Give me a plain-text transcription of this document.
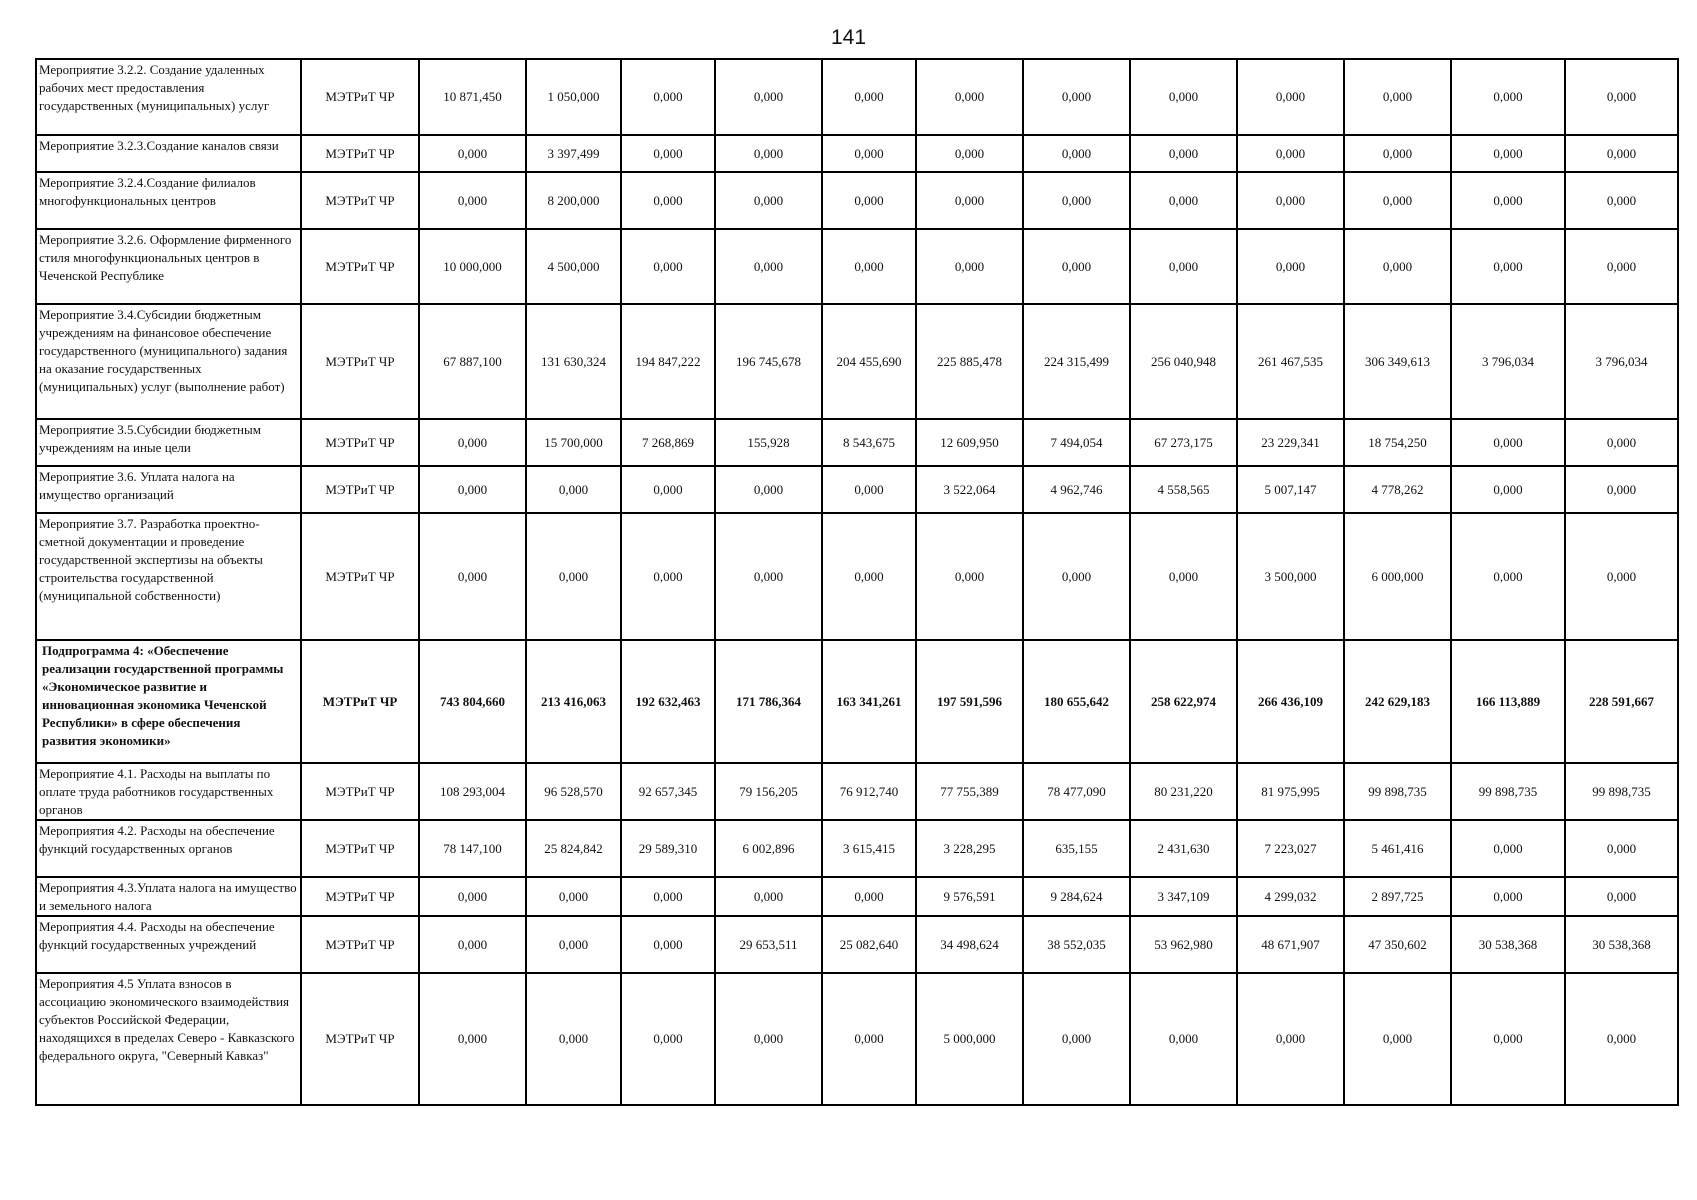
141
Мероприятие 3.2.2. Создание удаленных рабочих мест предоставления государственных (муниципальных) услуг	МЭТРиТ ЧР	10 871,450	1 050,000	0,000	0,000	0,000	0,000	0,000	0,000	0,000	0,000	0,000	0,000
Мероприятие 3.2.3.Создание каналов связи	МЭТРиТ ЧР	0,000	3 397,499	0,000	0,000	0,000	0,000	0,000	0,000	0,000	0,000	0,000	0,000
Мероприятие 3.2.4.Создание филиалов многофункциональных центров	МЭТРиТ ЧР	0,000	8 200,000	0,000	0,000	0,000	0,000	0,000	0,000	0,000	0,000	0,000	0,000
Мероприятие 3.2.6. Оформление фирменного стиля многофункциональных центров в Чеченской Республике	МЭТРиТ ЧР	10 000,000	4 500,000	0,000	0,000	0,000	0,000	0,000	0,000	0,000	0,000	0,000	0,000
Мероприятие 3.4.Субсидии бюджетным учреждениям на финансовое обеспечение государственного (муниципального) задания на оказание государственных (муниципальных) услуг (выполнение работ)	МЭТРиТ ЧР	67 887,100	131 630,324	194 847,222	196 745,678	204 455,690	225 885,478	224 315,499	256 040,948	261 467,535	306 349,613	3 796,034	3 796,034
Мероприятие 3.5.Субсидии бюджетным учреждениям на иные цели	МЭТРиТ ЧР	0,000	15 700,000	7 268,869	155,928	8 543,675	12 609,950	7 494,054	67 273,175	23 229,341	18 754,250	0,000	0,000
Мероприятие 3.6. Уплата налога на имущество организаций	МЭТРиТ ЧР	0,000	0,000	0,000	0,000	0,000	3 522,064	4 962,746	4 558,565	5 007,147	4 778,262	0,000	0,000
Мероприятие 3.7. Разработка проектно-сметной документации и проведение государственной экспертизы на объекты строительства государственной (муниципальной собственности)	МЭТРиТ ЧР	0,000	0,000	0,000	0,000	0,000	0,000	0,000	0,000	3 500,000	6 000,000	0,000	0,000
Подпрограмма 4: «Обеспечение реализации государственной программы «Экономическое развитие и инновационная экономика Чеченской Республики» в сфере обеспечения развития экономики»	МЭТРиТ ЧР	743 804,660	213 416,063	192 632,463	171 786,364	163 341,261	197 591,596	180 655,642	258 622,974	266 436,109	242 629,183	166 113,889	228 591,667
Мероприятие 4.1. Расходы на выплаты по оплате труда работников государственных органов	МЭТРиТ ЧР	108 293,004	96 528,570	92 657,345	79 156,205	76 912,740	77 755,389	78 477,090	80 231,220	81 975,995	99 898,735	99 898,735	99 898,735
Мероприятия 4.2. Расходы на обеспечение функций государственных органов	МЭТРиТ ЧР	78 147,100	25 824,842	29 589,310	6 002,896	3 615,415	3 228,295	635,155	2 431,630	7 223,027	5 461,416	0,000	0,000
Мероприятия 4.3.Уплата налога на имущество и земельного налога	МЭТРиТ ЧР	0,000	0,000	0,000	0,000	0,000	9 576,591	9 284,624	3 347,109	4 299,032	2 897,725	0,000	0,000
Мероприятия 4.4. Расходы на обеспечение функций государственных учреждений	МЭТРиТ ЧР	0,000	0,000	0,000	29 653,511	25 082,640	34 498,624	38 552,035	53 962,980	48 671,907	47 350,602	30 538,368	30 538,368
Мероприятия 4.5 Уплата взносов в ассоциацию экономического взаимодействия субъектов Российской Федерации, находящихся в пределах Северо - Кавказского федерального округа, "Северный Кавказ"	МЭТРиТ ЧР	0,000	0,000	0,000	0,000	0,000	5 000,000	0,000	0,000	0,000	0,000	0,000	0,000
